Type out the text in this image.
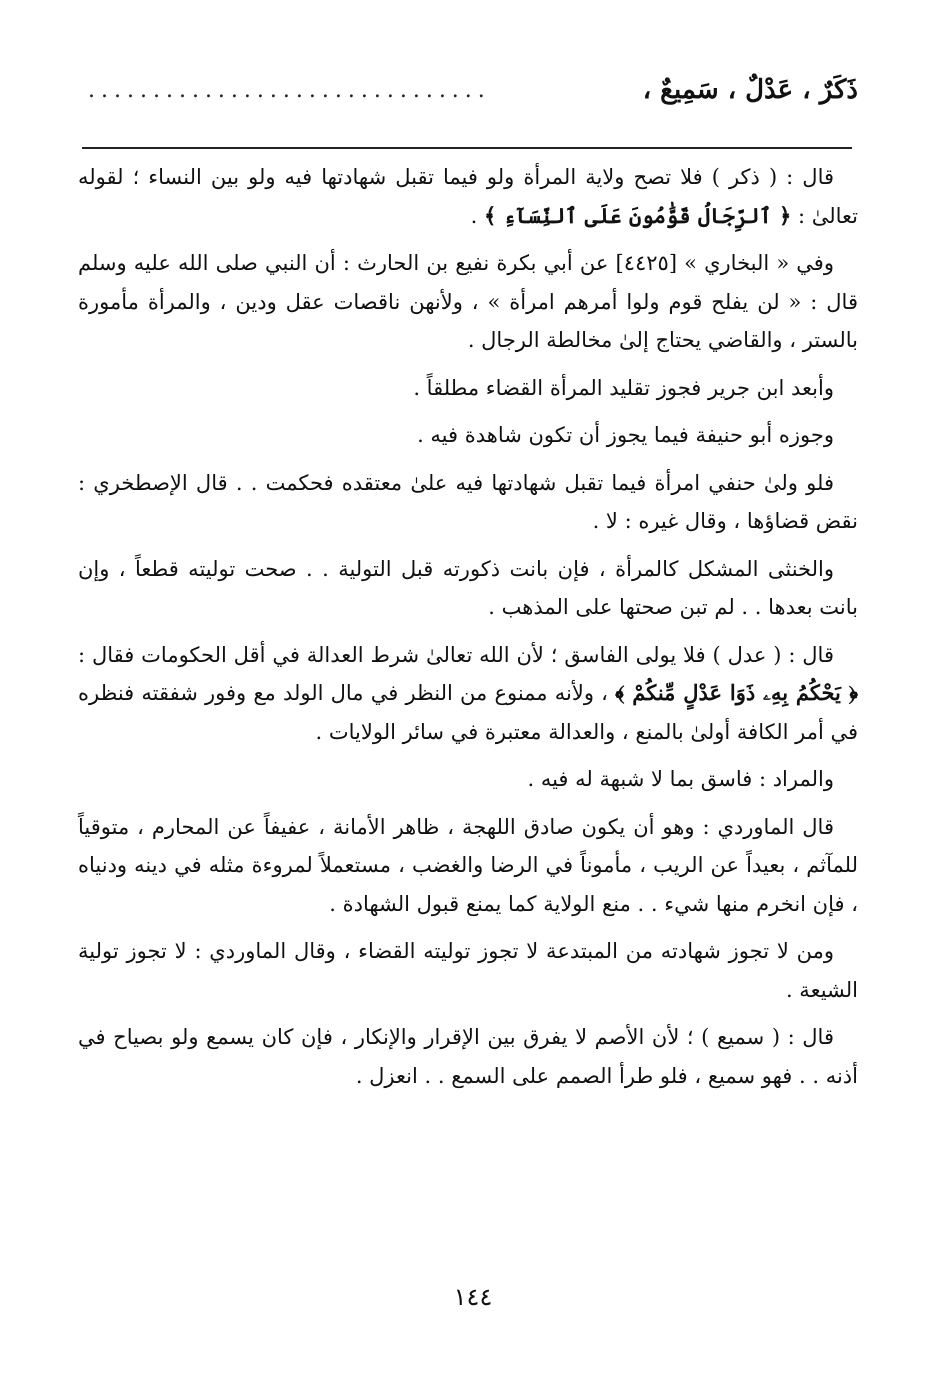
ذَكَرٌ ، عَدْلٌ ، سَمِيعٌ ،
...............................

قال : ( ذكر ) فلا تصح ولاية المرأة ولو فيما تقبل شهادتها فيه ولو بين النساء ؛ لقوله تعالىٰ : ﴿ ٱلرِّجَالُ قَوَّٰمُونَ عَلَى ٱلنِّسَآءِ ﴾ .

وفي « البخاري » [٤٤٢٥] عن أبي بكرة نفيع بن الحارث : أن النبي صلى الله عليه وسلم قال : « لن يفلح قوم ولوا أمرهم امرأة » ، ولأنهن ناقصات عقل ودين ، والمرأة مأمورة بالستر ، والقاضي يحتاج إلىٰ مخالطة الرجال .

وأبعد ابن جرير فجوز تقليد المرأة القضاء مطلقاً .

وجوزه أبو حنيفة فيما يجوز أن تكون شاهدة فيه .

فلو ولىٰ حنفي امرأة فيما تقبل شهادتها فيه علىٰ معتقده فحكمت . . قال الإصطخري : نقض قضاؤها ، وقال غيره : لا .

والخنثى المشكل كالمرأة ، فإن بانت ذكورته قبل التولية . . صحت توليته قطعاً ، وإن بانت بعدها . . لم تبن صحتها على المذهب .

قال : ( عدل ) فلا يولى الفاسق ؛ لأن الله تعالىٰ شرط العدالة في أقل الحكومات فقال : ﴿ يَحْكُمُ بِهِۦ ذَوَا عَدْلٍ مِّنكُمْ ﴾ ، ولأنه ممنوع من النظر في مال الولد مع وفور شفقته فنظره في أمر الكافة أولىٰ بالمنع ، والعدالة معتبرة في سائر الولايات .

والمراد : فاسق بما لا شبهة له فيه .

قال الماوردي : وهو أن يكون صادق اللهجة ، ظاهر الأمانة ، عفيفاً عن المحارم ، متوقياً للمآثم ، بعيداً عن الريب ، مأموناً في الرضا والغضب ، مستعملاً لمروءة مثله في دينه ودنياه ، فإن انخرم منها شيء . . منع الولاية كما يمنع قبول الشهادة .

ومن لا تجوز شهادته من المبتدعة لا تجوز توليته القضاء ، وقال الماوردي : لا تجوز تولية الشيعة .

قال : ( سميع ) ؛ لأن الأصم لا يفرق بين الإقرار والإنكار ، فإن كان يسمع ولو بصياح في أذنه . . فهو سميع ، فلو طرأ الصمم على السمع . . انعزل .

١٤٤
